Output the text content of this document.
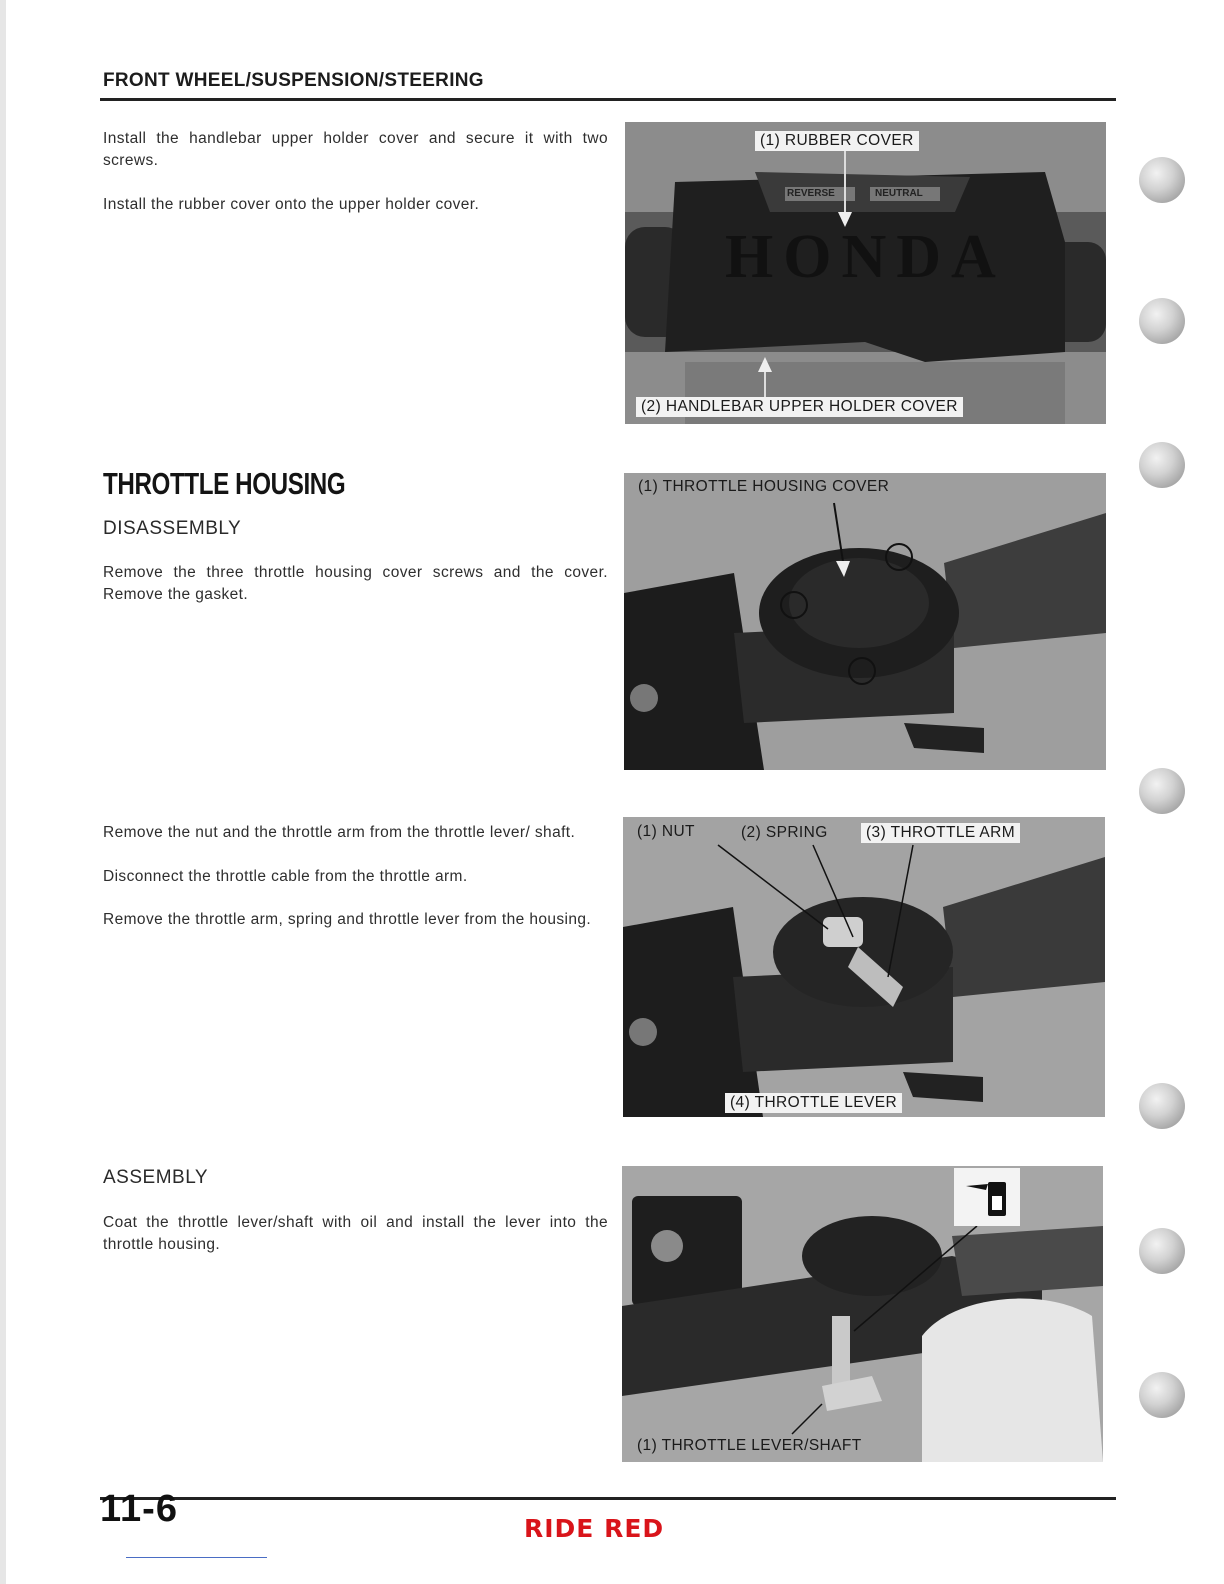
FRONT WHEEL/SUSPENSION/STEERING

Install the handlebar upper holder cover and secure it with two screws.

Install the rubber cover onto the upper holder cover.

REVERSE	NEUTRAL
HONDA
(1) RUBBER COVER
(2) HANDLEBAR UPPER HOLDER COVER
THROTTLE HOUSING
DISASSEMBLY

Remove the three throttle housing cover screws and the cover. Remove the gasket.

(1) THROTTLE HOUSING COVER

Remove the nut and the throttle arm from the throttle lever/ shaft.

Disconnect the throttle cable from the throttle arm.

Remove the throttle arm, spring and throttle lever from the housing.

(1) NUT	(2) SPRING	(3) THROTTLE ARM
(4) THROTTLE LEVER
ASSEMBLY

Coat the throttle lever/shaft with oil and install the lever into the throttle housing.

(1) THROTTLE LEVER/SHAFT
11-6	RIDE RED
